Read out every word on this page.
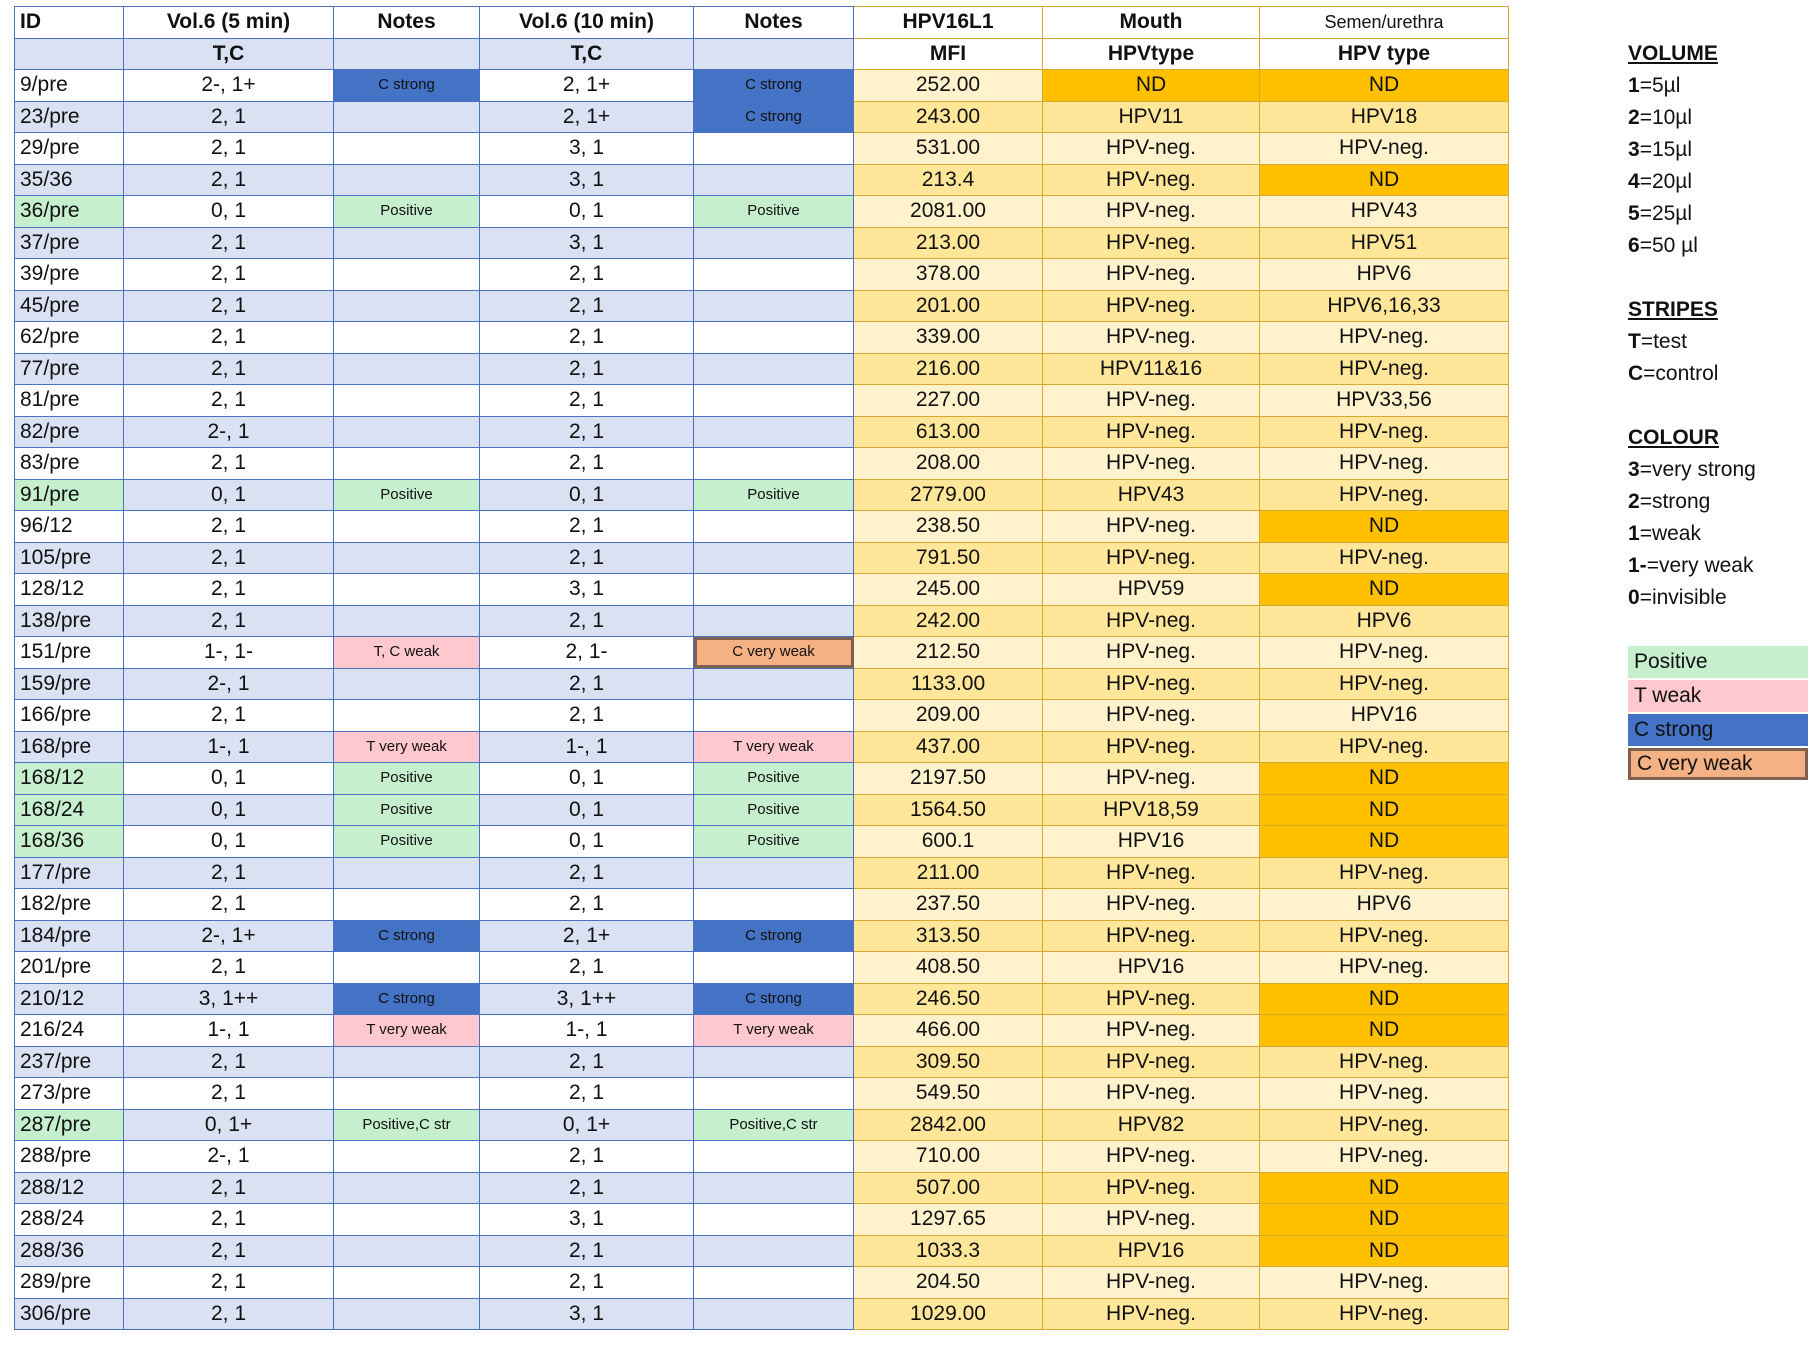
ID	Vol.6 (5 min)	Notes	Vol.6 (10 min)	Notes	HPV16L1	Mouth	Semen/urethra
	T,C		T,C		MFI	HPVtype	HPV type
9/pre	2-, 1+	C strong	2, 1+	C strong	252.00	ND	ND
23/pre	2, 1		2, 1+	C strong	243.00	HPV11	HPV18
29/pre	2, 1		3, 1		531.00	HPV-neg.	HPV-neg.
35/36	2, 1		3, 1		213.4	HPV-neg.	ND
36/pre	0, 1	Positive	0, 1	Positive	2081.00	HPV-neg.	HPV43
37/pre	2, 1		3, 1		213.00	HPV-neg.	HPV51
39/pre	2, 1		2, 1		378.00	HPV-neg.	HPV6
45/pre	2, 1		2, 1		201.00	HPV-neg.	HPV6,16,33
62/pre	2, 1		2, 1		339.00	HPV-neg.	HPV-neg.
77/pre	2, 1		2, 1		216.00	HPV11&16	HPV-neg.
81/pre	2, 1		2, 1		227.00	HPV-neg.	HPV33,56
82/pre	2-, 1		2, 1		613.00	HPV-neg.	HPV-neg.
83/pre	2, 1		2, 1		208.00	HPV-neg.	HPV-neg.
91/pre	0, 1	Positive	0, 1	Positive	2779.00	HPV43	HPV-neg.
96/12	2, 1		2, 1		238.50	HPV-neg.	ND
105/pre	2, 1		2, 1		791.50	HPV-neg.	HPV-neg.
128/12	2, 1		3, 1		245.00	HPV59	ND
138/pre	2, 1		2, 1		242.00	HPV-neg.	HPV6
151/pre	1-, 1-	T, C weak	2, 1-	C very weak	212.50	HPV-neg.	HPV-neg.
159/pre	2-, 1		2, 1		1133.00	HPV-neg.	HPV-neg.
166/pre	2, 1		2, 1		209.00	HPV-neg.	HPV16
168/pre	1-, 1	T very weak	1-, 1	T very weak	437.00	HPV-neg.	HPV-neg.
168/12	0, 1	Positive	0, 1	Positive	2197.50	HPV-neg.	ND
168/24	0, 1	Positive	0, 1	Positive	1564.50	HPV18,59	ND
168/36	0, 1	Positive	0, 1	Positive	600.1	HPV16	ND
177/pre	2, 1		2, 1		211.00	HPV-neg.	HPV-neg.
182/pre	2, 1		2, 1		237.50	HPV-neg.	HPV6
184/pre	2-, 1+	C strong	2, 1+	C strong	313.50	HPV-neg.	HPV-neg.
201/pre	2, 1		2, 1		408.50	HPV16	HPV-neg.
210/12	3, 1++	C strong	3, 1++	C strong	246.50	HPV-neg.	ND
216/24	1-, 1	T very weak	1-, 1	T very weak	466.00	HPV-neg.	ND
237/pre	2, 1		2, 1		309.50	HPV-neg.	HPV-neg.
273/pre	2, 1		2, 1		549.50	HPV-neg.	HPV-neg.
287/pre	0, 1+	Positive,C str	0, 1+	Positive,C str	2842.00	HPV82	HPV-neg.
288/pre	2-, 1		2, 1		710.00	HPV-neg.	HPV-neg.
288/12	2, 1		2, 1		507.00	HPV-neg.	ND
288/24	2, 1		3, 1		1297.65	HPV-neg.	ND
288/36	2, 1		2, 1		1033.3	HPV16	ND
289/pre	2, 1		2, 1		204.50	HPV-neg.	HPV-neg.
306/pre	2, 1		3, 1		1029.00	HPV-neg.	HPV-neg.
VOLUME
1=5µl
2=10µl
3=15µl
4=20µl
5=25µl
6=50 µl
STRIPES
T=test
C=control
COLOUR
3=very strong
2=strong
1=weak
1-=very weak
0=invisible
Positive
T weak
C strong
C very weak
